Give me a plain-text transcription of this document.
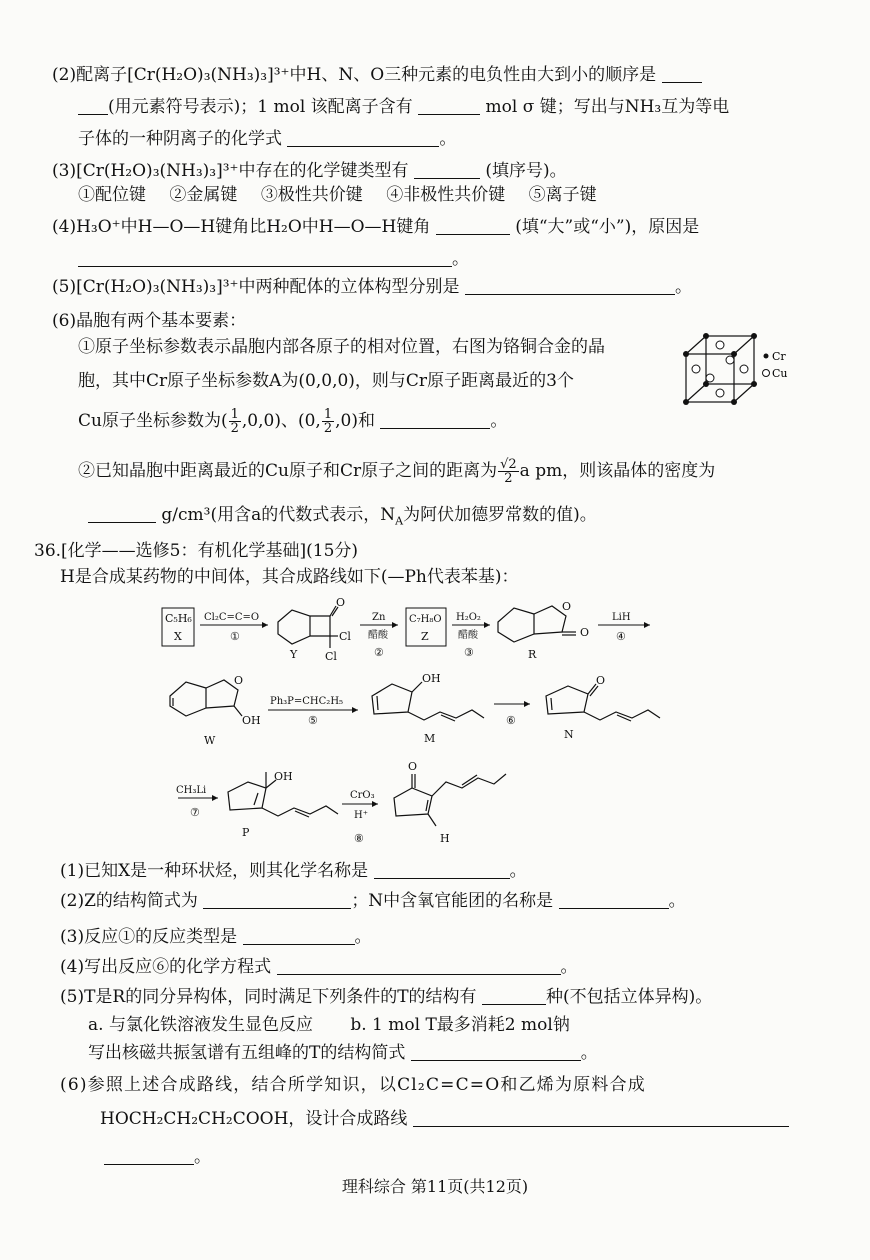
(2)配离子[Cr(H₂O)₃(NH₃)₃]³⁺中H、N、O三种元素的电负性由大到小的顺序是
(用元素符号表示)；1 mol 该配离子含有	mol σ 键；写出与NH₃互为等电
子体的一种阴离子的化学式	。
(3)[Cr(H₂O)₃(NH₃)₃]³⁺中存在的化学键类型有	(填序号)。
①配位键 ②金属键 ③极性共价键 ④非极性共价键 ⑤离子键
(4)H₃O⁺中H—O—H键角比H₂O中H—O—H键角	(填“大”或“小”)，原因是
。
(5)[Cr(H₂O)₃(NH₃)₃]³⁺中两种配体的立体构型分别是	。
(6)晶胞有两个基本要素：
①原子坐标参数表示晶胞内部各原子的相对位置，右图为铬铜合金的晶
胞，其中Cr原子坐标参数A为(0,0,0)，则与Cr原子距离最近的3个
Cu原子坐标参数为( $\frac{1}{2} ,0,0$)、(0, $\frac{1}{2} ,0$)和	。
Cr
Cu
②已知晶胞中距离最近的Cu原子和Cr原子之间的距离为 $\frac{√2}{2}$ a pm，则该晶体的密度为
g/cm³(用含a的代数式表示，$N_A$为阿伏加德罗常数的值)。
36.[化学——选修5：有机化学基础](15分)
H是合成某药物的中间体，其合成路线如下(—Ph代表苯基)：
C₅H₆
X
Cl₂C=C=O
①
O
Cl
Cl
Y
Zn
醋酸
②
C₇H₈O
Z
H₂O₂
醋酸
③
O
O
R
LiH
④
O
OH
W
Ph₃P=CHC₂H₅
⑤
OH
M
⑥
O
N
CH₃Li
⑦
OH
P
CrO₃
H⁺
⑧
O
H
(1)已知X是一种环状烃，则其化学名称是	。
(2)Z的结构简式为	；N中含氧官能团的名称是	。
(3)反应①的反应类型是	。
(4)写出反应⑥的化学方程式	。
(5)T是R的同分异构体，同时满足下列条件的T的结构有	种(不包括立体异构)。
a. 与氯化铁溶液发生显色反应 b. 1 mol T最多消耗2 mol钠
写出核磁共振氢谱有五组峰的T的结构简式	。
(6)参照上述合成路线，结合所学知识，以Cl₂C=C=O和乙烯为原料合成
HOCH₂CH₂CH₂COOH，设计合成路线
。
理科综合 第11页(共12页)
